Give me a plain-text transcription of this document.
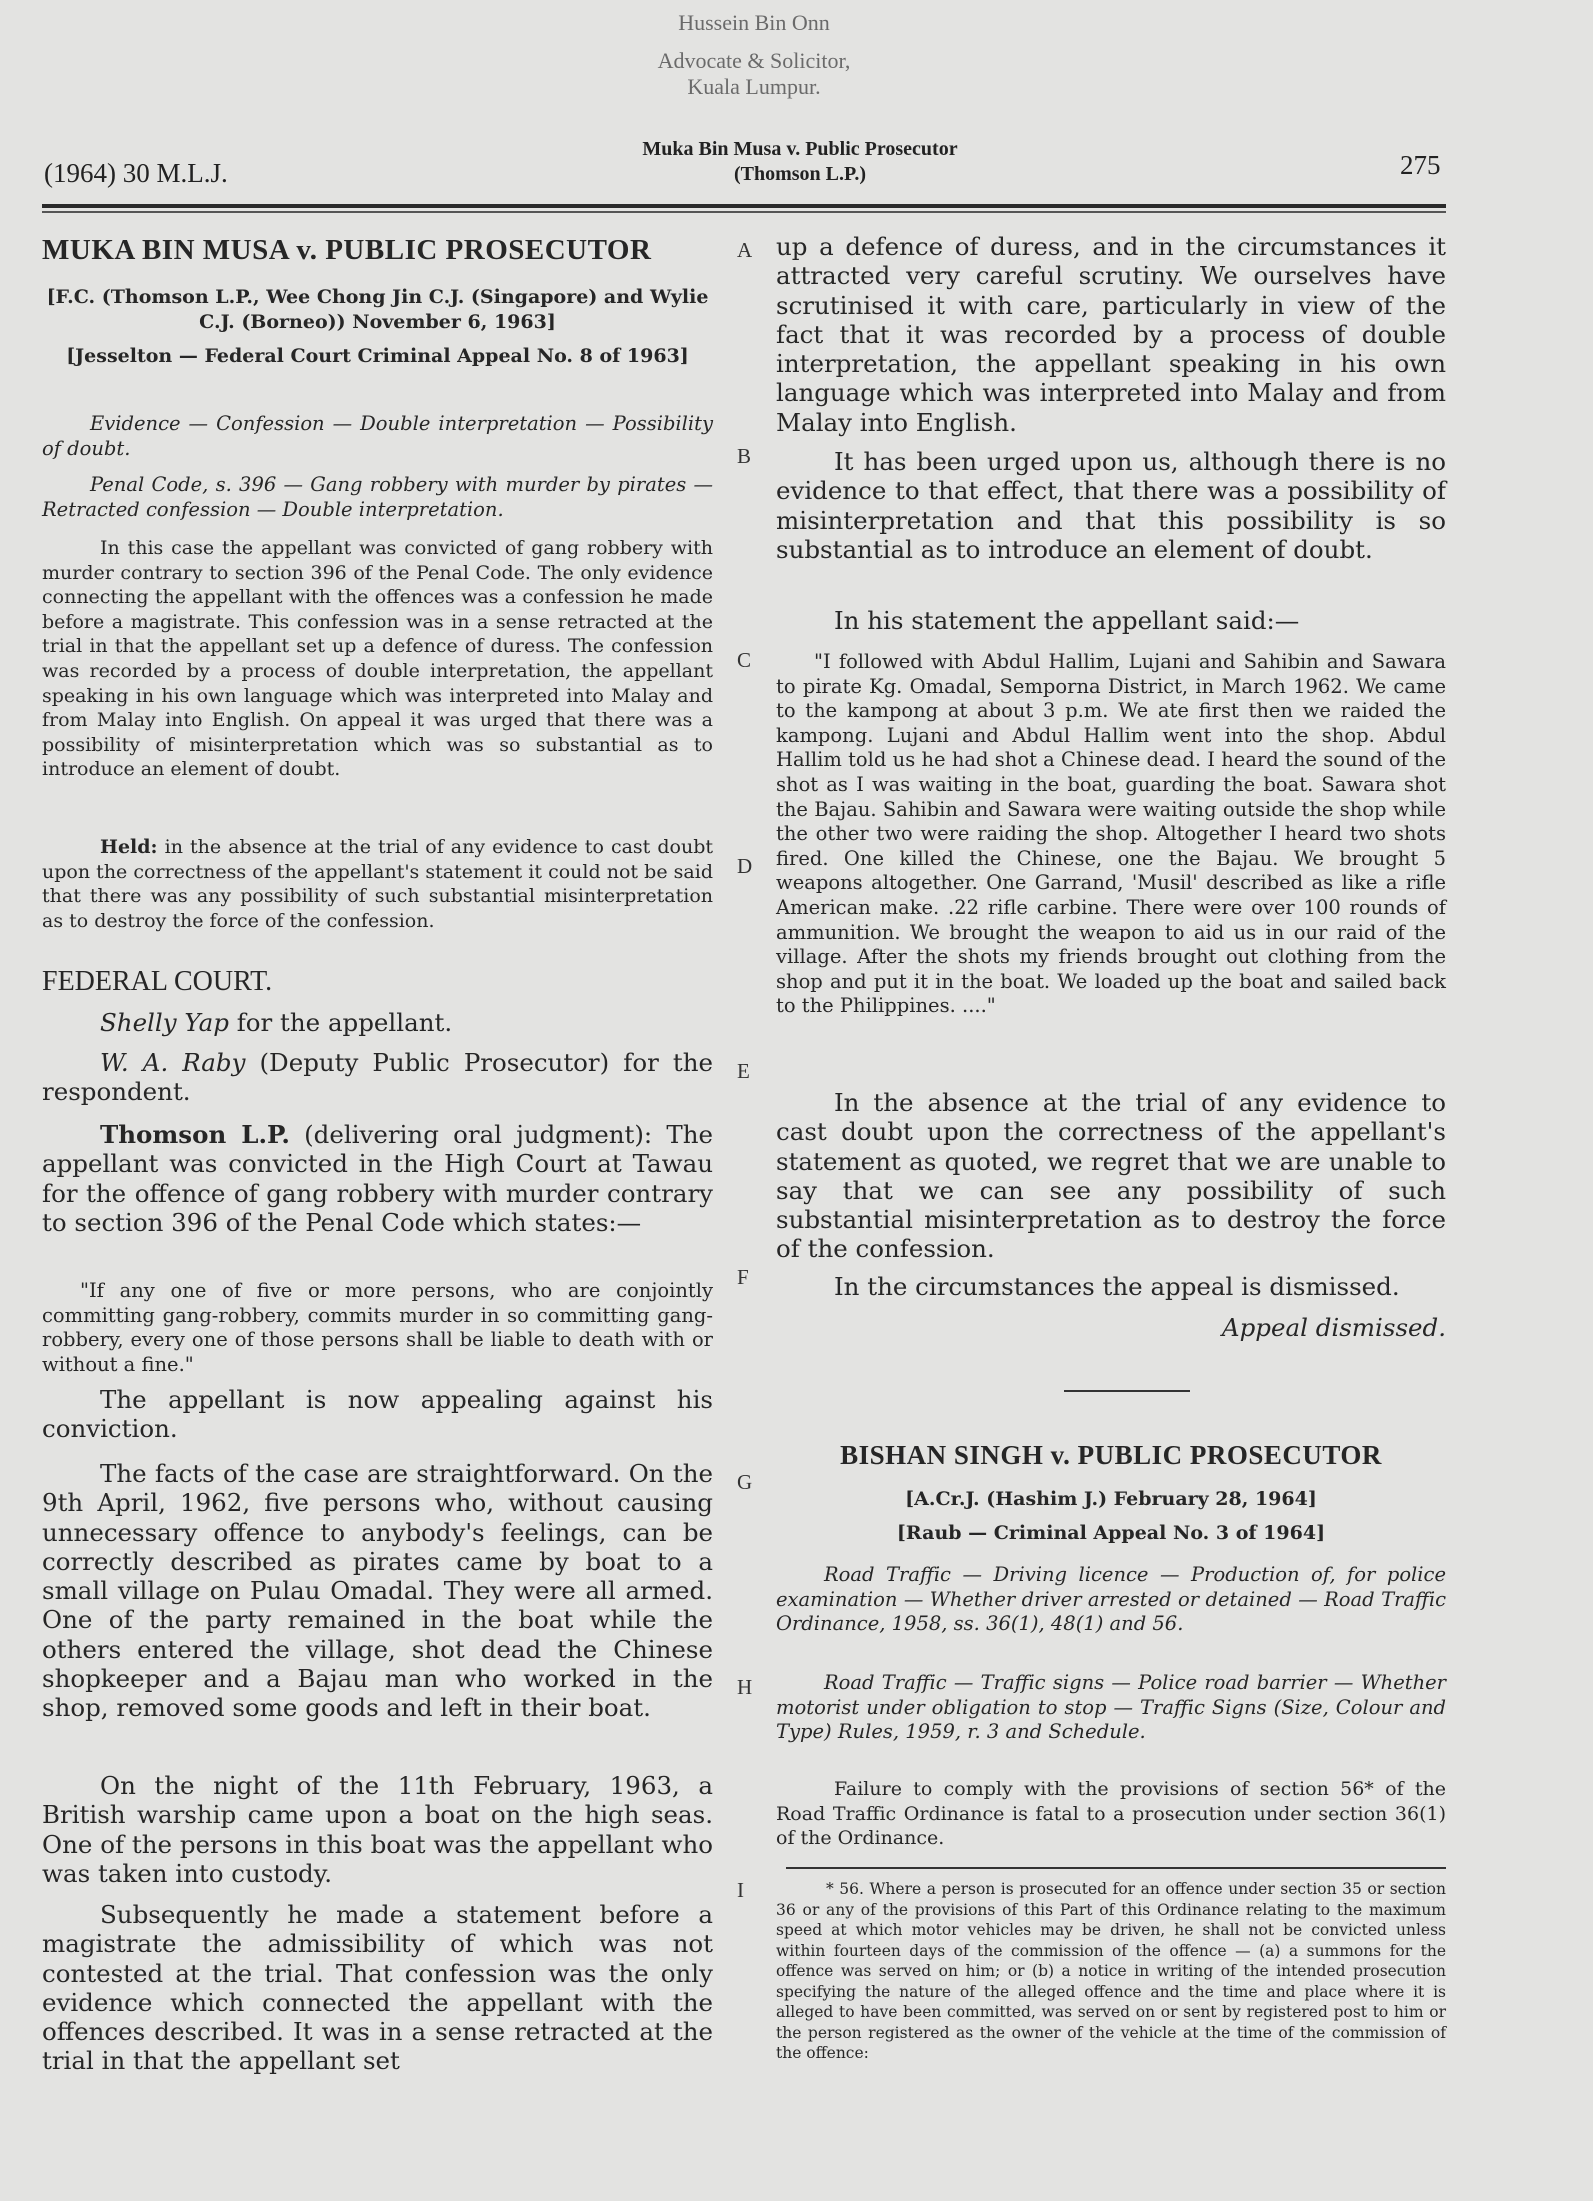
Hussein Bin Onn
Advocate & Solicitor,
Kuala Lumpur.
(1964) 30 M.L.J.
Muka Bin Musa v. Public Prosecutor
(Thomson L.P.)	275
A
B
C
D
E
F
G
H
I
MUKA BIN MUSA v. PUBLIC PROSECUTOR
[F.C. (Thomson L.P., Wee Chong Jin C.J. (Singapore) and Wylie C.J. (Borneo)) November 6, 1963]
[Jesselton — Federal Court Criminal Appeal No. 8 of 1963]
Evidence — Confession — Double interpretation — Possibility of doubt.
Penal Code, s. 396 — Gang robbery with murder by pirates — Retracted confession — Double interpretation.

In this case the appellant was convicted of gang robbery with murder contrary to section 396 of the Penal Code. The only evidence connecting the appellant with the offences was a confession he made before a magistrate. This confession was in a sense retracted at the trial in that the appellant set up a defence of duress. The confession was recorded by a process of double interpretation, the appellant speaking in his own language which was interpreted into Malay and from Malay into English. On appeal it was urged that there was a possibility of misinterpretation which was so substantial as to introduce an element of doubt.

Held: in the absence at the trial of any evidence to cast doubt upon the correctness of the appellant's statement it could not be said that there was any possibility of such substantial misinterpretation as to destroy the force of the confession.

FEDERAL COURT.

Shelly Yap for the appellant.

W. A. Raby (Deputy Public Prosecutor) for the respondent.

Thomson L.P. (delivering oral judgment): The appellant was convicted in the High Court at Tawau for the offence of gang robbery with murder contrary to section 396 of the Penal Code which states:—

"If any one of five or more persons, who are conjointly committing gang-robbery, commits murder in so committing gang-robbery, every one of those persons shall be liable to death with or without a fine."

The appellant is now appealing against his conviction.

The facts of the case are straightforward. On the 9th April, 1962, five persons who, without causing unnecessary offence to anybody's feelings, can be correctly described as pirates came by boat to a small village on Pulau Omadal. They were all armed. One of the party remained in the boat while the others entered the village, shot dead the Chinese shopkeeper and a Bajau man who worked in the shop, removed some goods and left in their boat.

On the night of the 11th February, 1963, a British warship came upon a boat on the high seas. One of the persons in this boat was the appellant who was taken into custody.

Subsequently he made a statement before a magistrate the admissibility of which was not contested at the trial. That confession was the only evidence which connected the appellant with the offences described. It was in a sense retracted at the trial in that the appellant set

up a defence of duress, and in the circumstances it attracted very careful scrutiny. We ourselves have scrutinised it with care, particularly in view of the fact that it was recorded by a process of double interpretation, the appellant speaking in his own language which was interpreted into Malay and from Malay into English.

It has been urged upon us, although there is no evidence to that effect, that there was a possibility of misinterpretation and that this possibility is so substantial as to introduce an element of doubt.

In his statement the appellant said:—

"I followed with Abdul Hallim, Lujani and Sahibin and Sawara to pirate Kg. Omadal, Semporna District, in March 1962. We came to the kampong at about 3 p.m. We ate first then we raided the kampong. Lujani and Abdul Hallim went into the shop. Abdul Hallim told us he had shot a Chinese dead. I heard the sound of the shot as I was waiting in the boat, guarding the boat. Sawara shot the Bajau. Sahibin and Sawara were waiting outside the shop while the other two were raiding the shop. Altogether I heard two shots fired. One killed the Chinese, one the Bajau. We brought 5 weapons altogether. One Garrand, 'Musil' described as like a rifle American make. .22 rifle carbine. There were over 100 rounds of ammunition. We brought the weapon to aid us in our raid of the village. After the shots my friends brought out clothing from the shop and put it in the boat. We loaded up the boat and sailed back to the Philippines. ...."

In the absence at the trial of any evidence to cast doubt upon the correctness of the appellant's statement as quoted, we regret that we are unable to say that we can see any possibility of such substantial misinterpretation as to destroy the force of the confession.

In the circumstances the appeal is dismissed.

Appeal dismissed.
BISHAN SINGH v. PUBLIC PROSECUTOR
[A.Cr.J. (Hashim J.) February 28, 1964]
[Raub — Criminal Appeal No. 3 of 1964]
Road Traffic — Driving licence — Production of, for police examination — Whether driver arrested or detained — Road Traffic Ordinance, 1958, ss. 36(1), 48(1) and 56.
Road Traffic — Traffic signs — Police road barrier — Whether motorist under obligation to stop — Traffic Signs (Size, Colour and Type) Rules, 1959, r. 3 and Schedule.

Failure to comply with the provisions of section 56* of the Road Traffic Ordinance is fatal to a prosecution under section 36(1) of the Ordinance.

* 56. Where a person is prosecuted for an offence under section 35 or section 36 or any of the provisions of this Part of this Ordinance relating to the maximum speed at which motor vehicles may be driven, he shall not be convicted unless within fourteen days of the commission of the offence — (a) a summons for the offence was served on him; or (b) a notice in writing of the intended prosecution specifying the nature of the alleged offence and the time and place where it is alleged to have been committed, was served on or sent by registered post to him or the person registered as the owner of the vehicle at the time of the commission of the offence:
